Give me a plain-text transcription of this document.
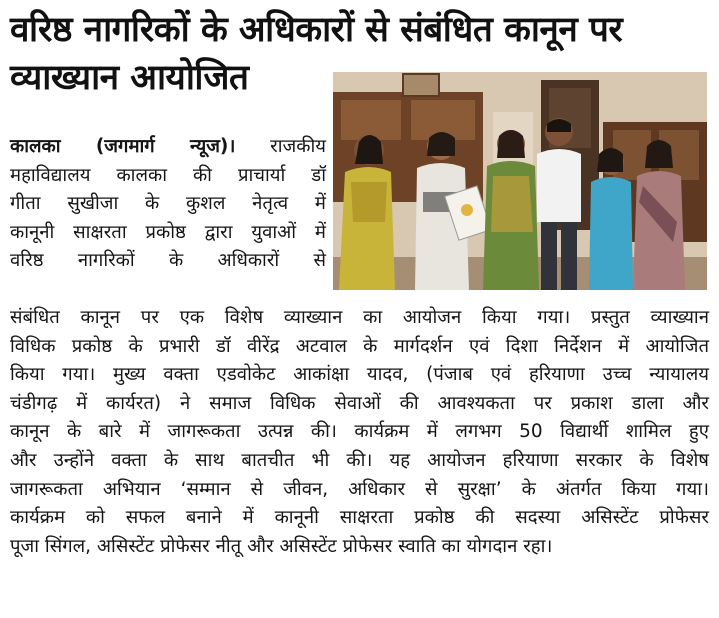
वरिष्ठ नागरिकों के अधिकारों से संबंधित कानून पर
व्याख्यान आयोजित
कालका (जगमार्ग न्यूज)। राजकीय
महाविद्यालय कालका की प्राचार्या डॉ
गीता सुखीजा के कुशल नेतृत्व में
कानूनी साक्षरता प्रकोष्ठ द्वारा युवाओं में
वरिष्ठ नागरिकों के अधिकारों से
संबंधित कानून पर एक विशेष व्याख्यान का आयोजन किया गया। प्रस्तुत व्याख्यान
विधिक प्रकोष्ठ के प्रभारी डॉ वीरेंद्र अटवाल के मार्गदर्शन एवं दिशा निर्देशन में आयोजित
किया गया। मुख्य वक्ता एडवोकेट आकांक्षा यादव, (पंजाब एवं हरियाणा उच्च न्यायालय
चंडीगढ़ में कार्यरत) ने समाज विधिक सेवाओं की आवश्यकता पर प्रकाश डाला और
कानून के बारे में जागरूकता उत्पन्न की। कार्यक्रम में लगभग 50 विद्यार्थी शामिल हुए
और उन्होंने वक्ता के साथ बातचीत भी की। यह आयोजन हरियाणा सरकार के विशेष
जागरूकता अभियान ‘सम्मान से जीवन, अधिकार से सुरक्षा’ के अंतर्गत किया गया।
कार्यक्रम को सफल बनाने में कानूनी साक्षरता प्रकोष्ठ की सदस्या असिस्टेंट प्रोफेसर
पूजा सिंगल, असिस्टेंट प्रोफेसर नीतू और असिस्टेंट प्रोफेसर स्वाति का योगदान रहा।
